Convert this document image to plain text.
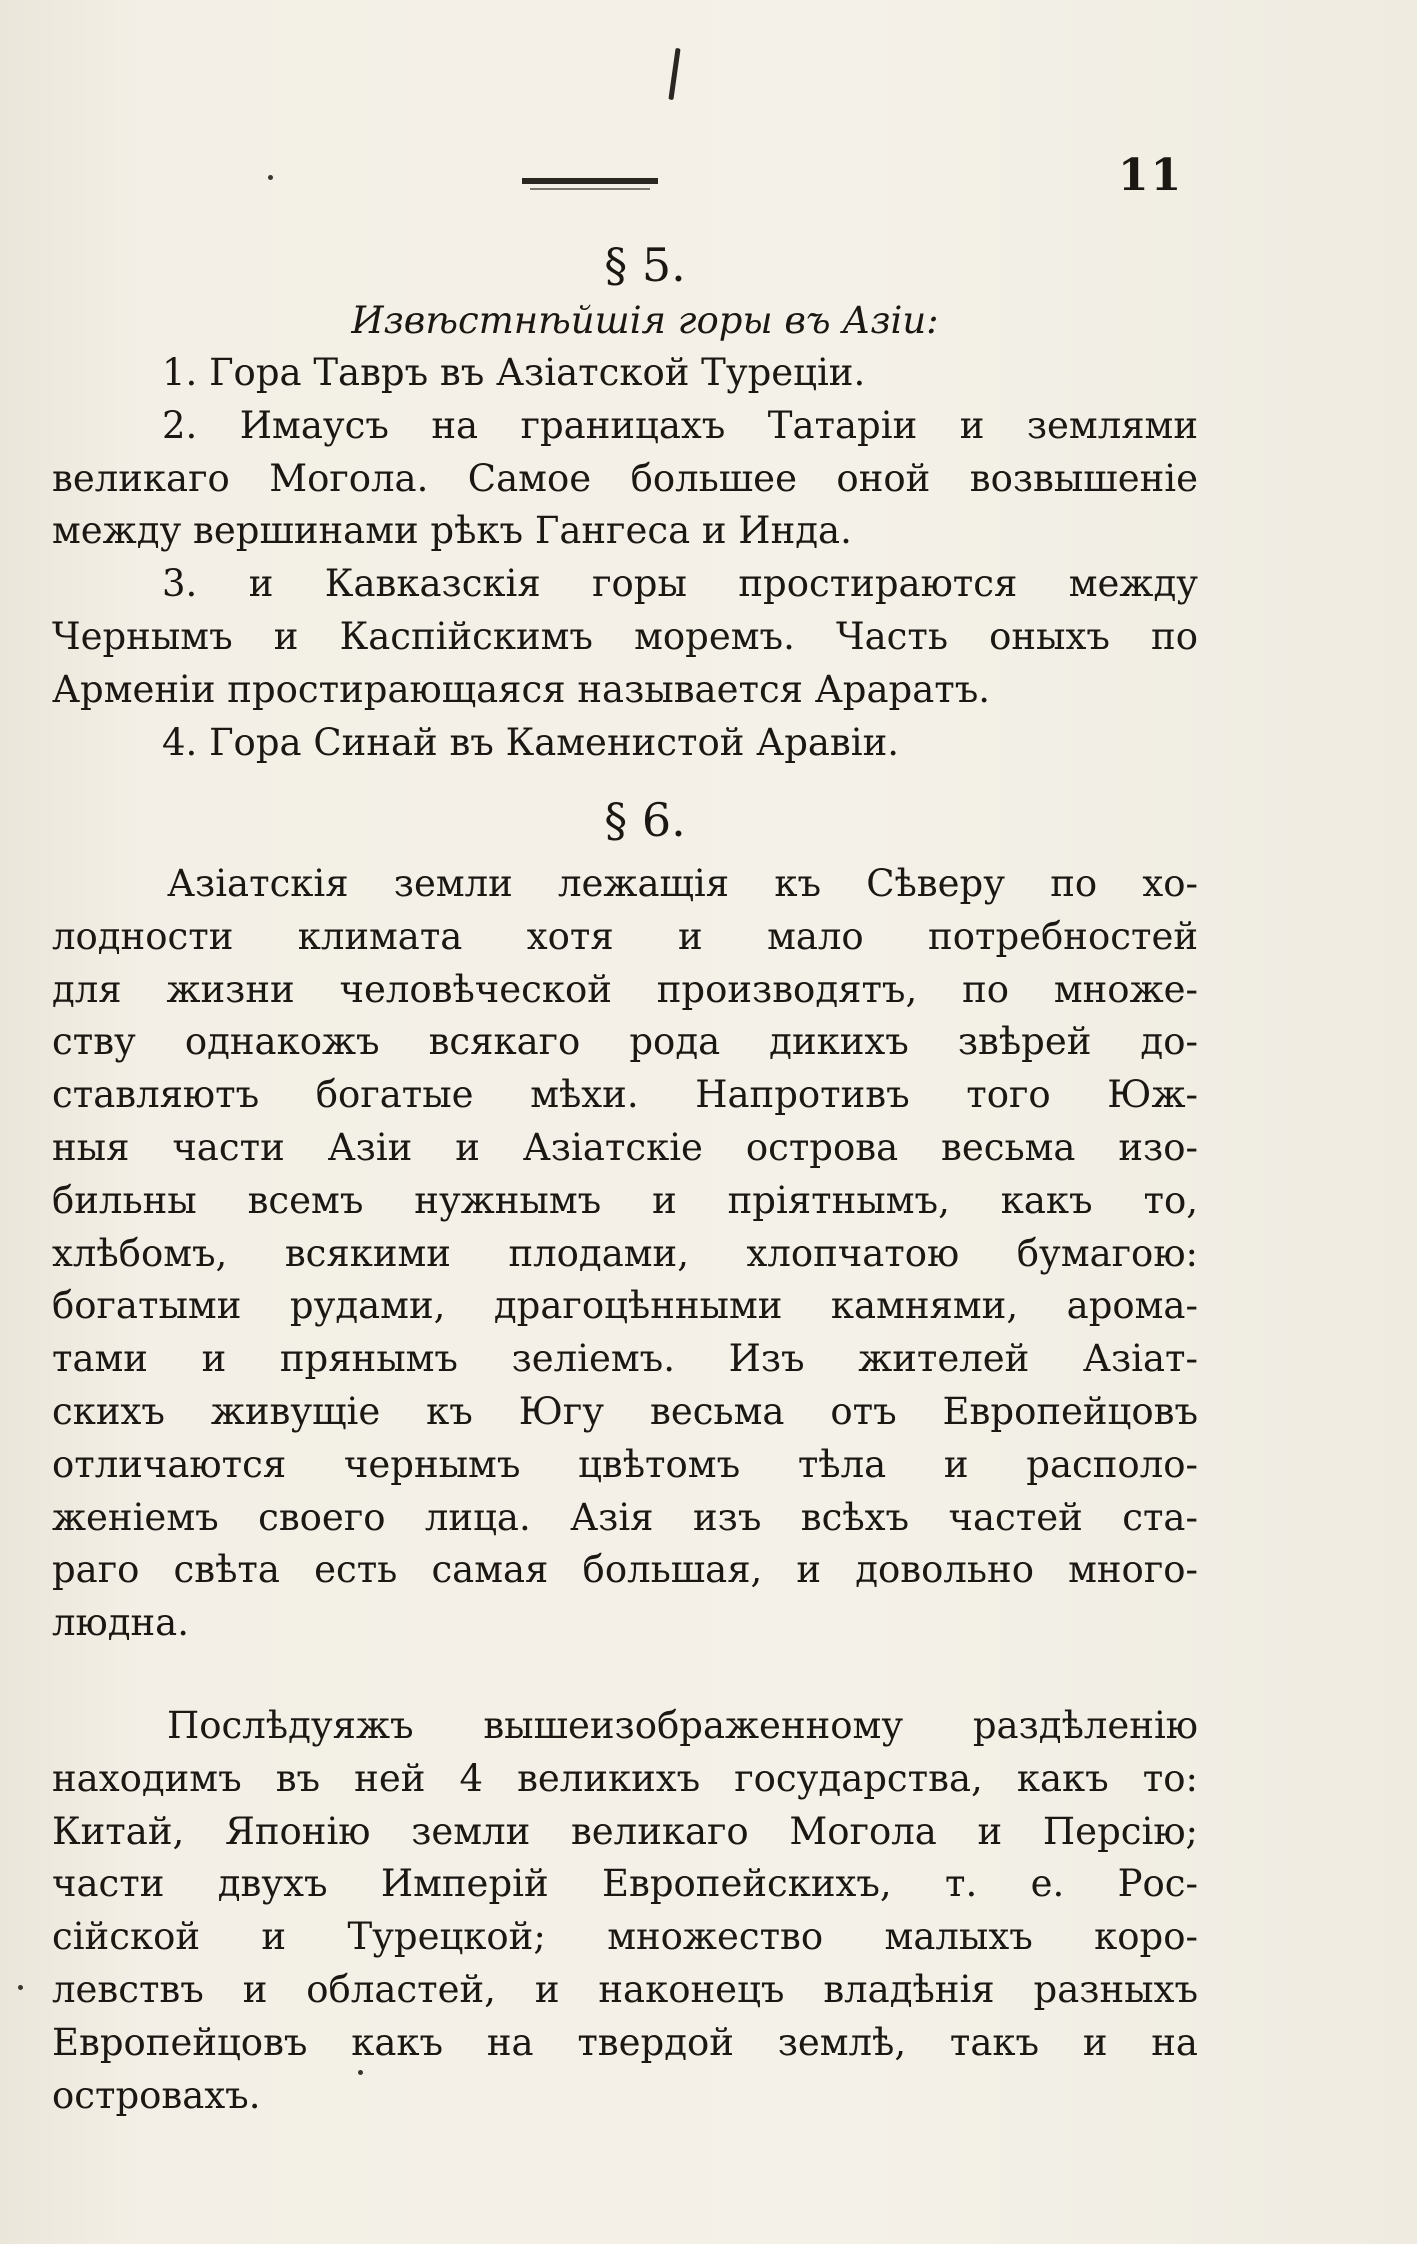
11
§ 5.
Извѣстнѣйшія горы въ Азіи:
1. Гора Тавръ въ Азіатской Турецiи.
2. Имаусъ на границахъ Татаріи и землями
великаго Могола. Самое большее оной возвышеніе
между вершинами рѣкъ Гангеса и Инда.
3. и Кавказскія горы простираются между
Чернымъ и Каспійскимъ моремъ. Часть оныхъ по
Арменіи простирающаяся называется Араратъ.
4. Гора Синай въ Каменистой Аравіи.
§ 6.
Азіатскія земли лежащія къ Сѣверу по хо-
лодности климата хотя и мало потребностей
для жизни человѣческой производятъ, по множе-
ству однакожъ всякаго рода дикихъ звѣрей до-
ставляютъ богатые мѣхи. Напротивъ того Юж-
ныя части Азіи и Азіатскіе острова весьма изо-
бильны всемъ нужнымъ и пріятнымъ, какъ то,
хлѣбомъ, всякими плодами, хлопчатою бумагою:
богатыми рудами, драгоцѣнными камнями, арома-
тами и прянымъ зеліемъ. Изъ жителей Азіат-
скихъ живущіе къ Югу весьма отъ Европейцовъ
отличаются чернымъ цвѣтомъ тѣла и располо-
женіемъ своего лица. Азія изъ всѣхъ частей ста-
раго свѣта есть самая большая, и довольно много-
людна.
Послѣдуяжъ вышеизображенному раздѣленію
находимъ въ ней 4 великихъ государства, какъ то:
Китай, Японію земли великаго Могола и Персію;
части двухъ Имперій Европейскихъ, т. е. Рос-
сійской и Турецкой; множество малыхъ коро-
левствъ и областей, и наконецъ владѣнія разныхъ
Европейцовъ какъ на твердой землѣ, такъ и на
островахъ.
